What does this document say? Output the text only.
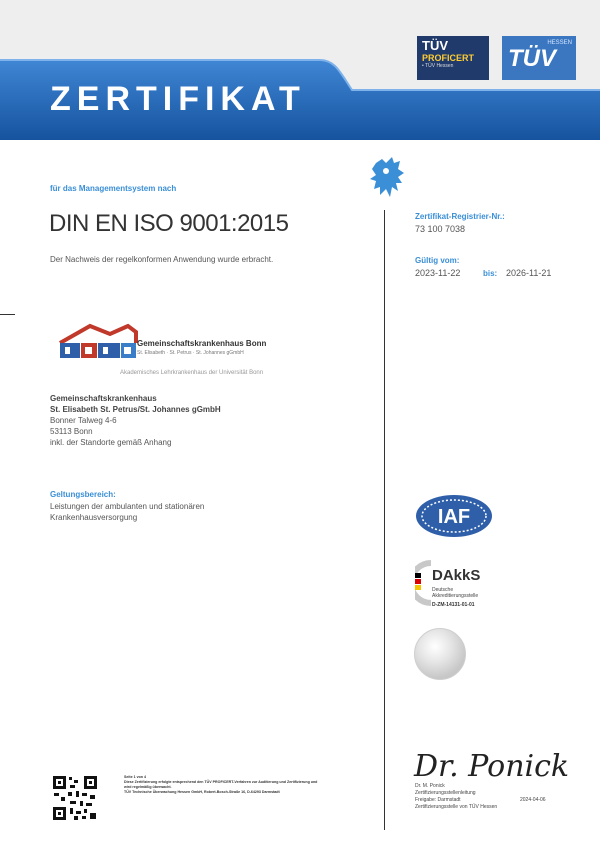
ZERTIFIKAT
TÜV
PROFICERT
• TÜV Hessen
HESSEN
TÜV
für das Managementsystem nach
DIN EN ISO 9001:2015
Der Nachweis der regelkonformen Anwendung wurde erbracht.
Zertifikat-Registrier-Nr.:
73 100 7038
Gültig vom:
2023-11-22	bis: 2026-11-21
Gemeinschaftskrankenhaus Bonn
St. Elisabeth · St. Petrus · St. Johannes gGmbH
Akademisches Lehrkrankenhaus der Universität Bonn
Gemeinschaftskrankenhaus
St. Elisabeth St. Petrus/St. Johannes gGmbH
Bonner Talweg 4-6
53113 Bonn
inkl. der Standorte gemäß Anhang
Geltungsbereich:
Leistungen der ambulanten und stationären
Krankenhausversorgung	IAF
DAkkS
Deutsche
Akkreditierungsstelle
D-ZM-14131-01-01
Dr. Ponick
Dr. M. Ponick
Zertifizierungsstellenleitung
Freigabe: Darmstadt
Zertifizierungsstelle von TÜV Hessen
2024-04-06
Seite 1 von 4
Diese Zertifizierung erfolgte entsprechend den TÜV PROFICERT-Verfahren zur Auditierung und Zertifizierung und wird regelmäßig überwacht.
TÜV Technische Überwachung Hessen GmbH, Robert-Bosch-Straße 16, D-64293 Darmstadt
